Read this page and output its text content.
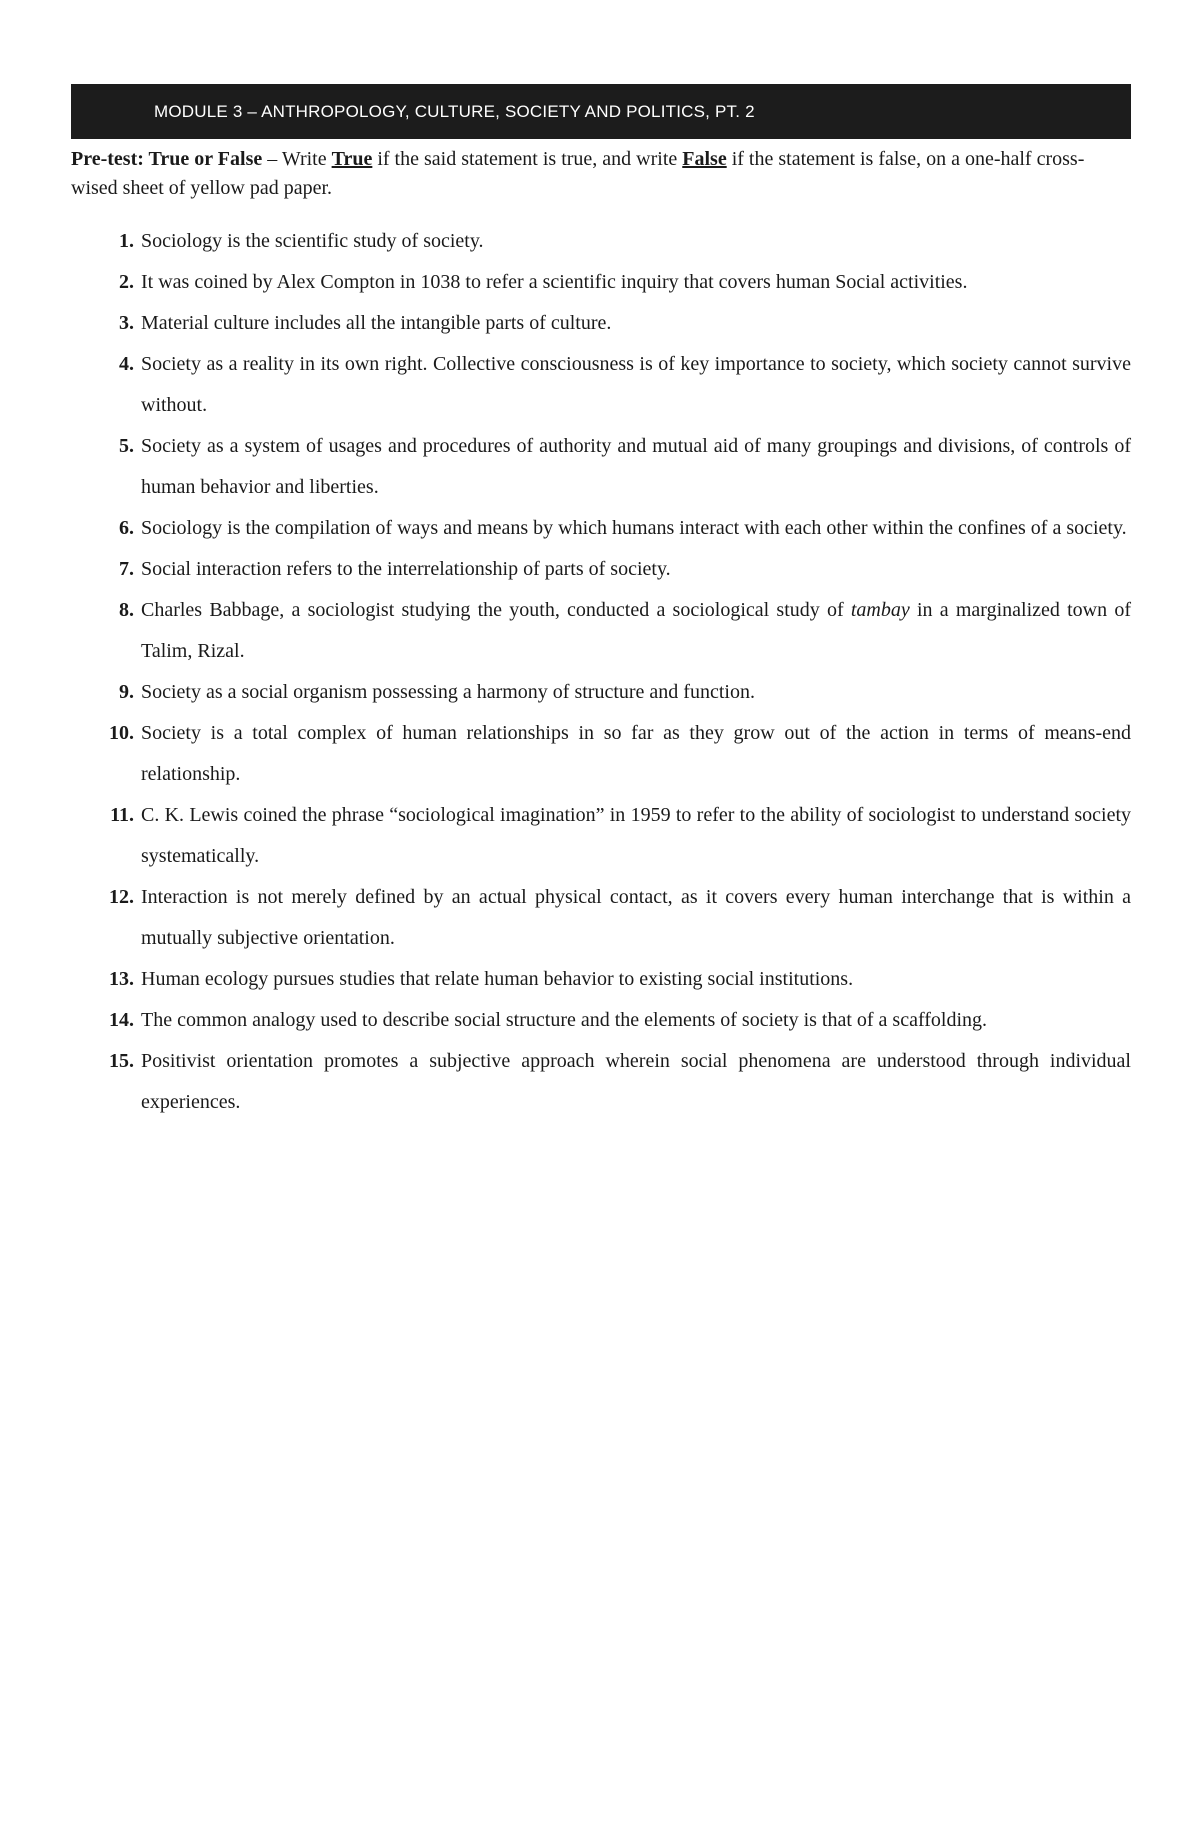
MODULE 3 – ANTHROPOLOGY, CULTURE, SOCIETY AND POLITICS, PT. 2
Pre-test: True or False – Write True if the said statement is true, and write False if the statement is false, on a one-half cross-wised sheet of yellow pad paper.
1. Sociology is the scientific study of society.
2. It was coined by Alex Compton in 1038 to refer a scientific inquiry that covers human Social activities.
3. Material culture includes all the intangible parts of culture.
4. Society as a reality in its own right. Collective consciousness is of key importance to society, which society cannot survive without.
5. Society as a system of usages and procedures of authority and mutual aid of many groupings and divisions, of controls of human behavior and liberties.
6. Sociology is the compilation of ways and means by which humans interact with each other within the confines of a society.
7. Social interaction refers to the interrelationship of parts of society.
8. Charles Babbage, a sociologist studying the youth, conducted a sociological study of tambay in a marginalized town of Talim, Rizal.
9. Society as a social organism possessing a harmony of structure and function.
10. Society is a total complex of human relationships in so far as they grow out of the action in terms of means-end relationship.
11. C. K. Lewis coined the phrase “sociological imagination” in 1959 to refer to the ability of sociologist to understand society systematically.
12. Interaction is not merely defined by an actual physical contact, as it covers every human interchange that is within a mutually subjective orientation.
13. Human ecology pursues studies that relate human behavior to existing social institutions.
14. The common analogy used to describe social structure and the elements of society is that of a scaffolding.
15. Positivist orientation promotes a subjective approach wherein social phenomena are understood through individual experiences.
